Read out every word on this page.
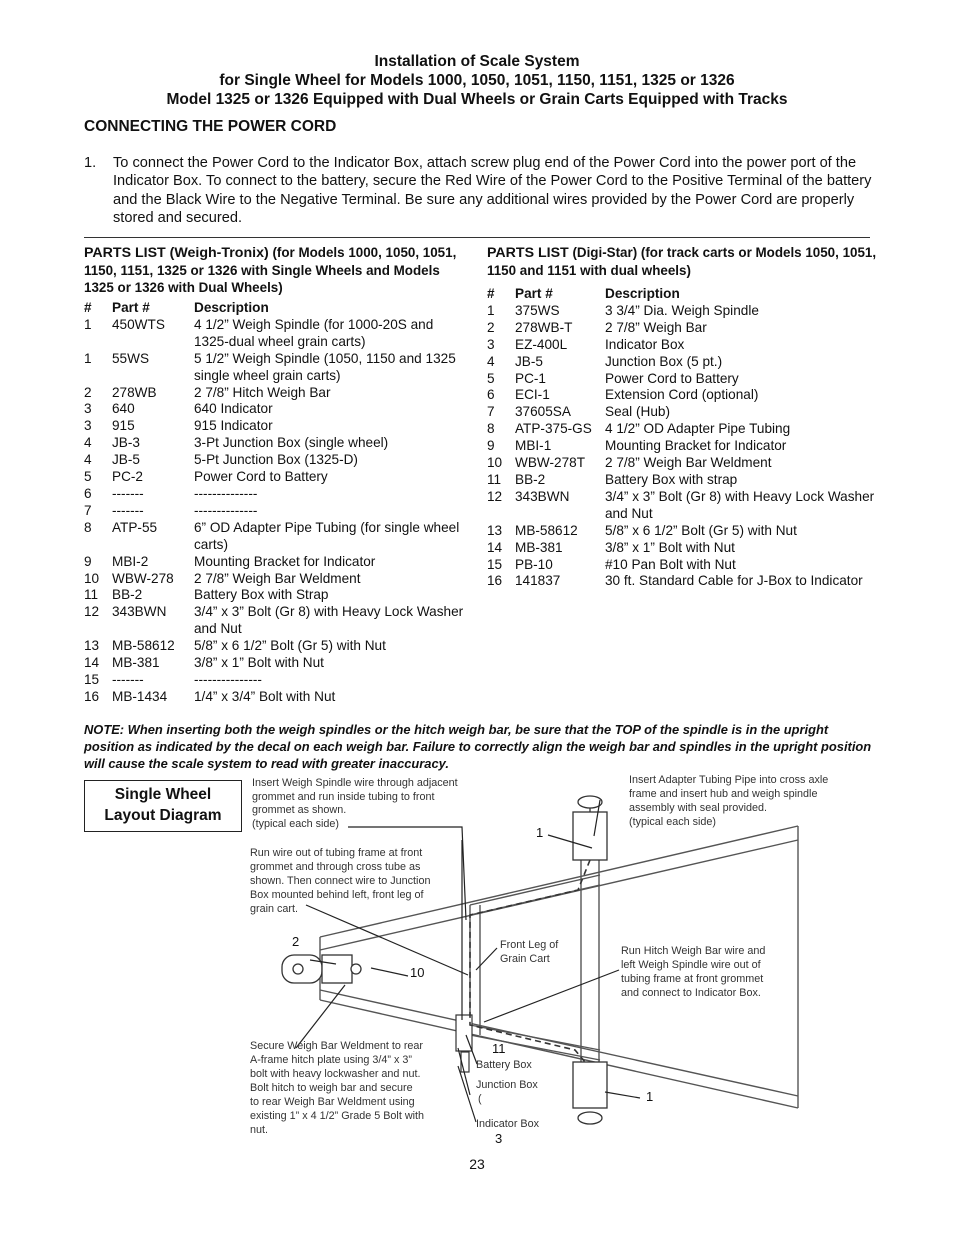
Installation of Scale System
for Single Wheel for Models 1000, 1050, 1051, 1150, 1151, 1325 or 1326
Model 1325 or 1326 Equipped with Dual Wheels or Grain Carts Equipped with Tracks
CONNECTING THE POWER CORD
1. To connect the Power Cord to the Indicator Box, attach screw plug end of the Power Cord into the power port of the Indicator Box. To connect to the battery, secure the Red Wire of the Power Cord to the Positive Terminal of the battery and the Black Wire to the Negative Terminal. Be sure any additional wires provided by the Power Cord are properly stored and secured.
PARTS LIST (Weigh-Tronix) (for Models 1000, 1050, 1051, 1150, 1151, 1325 or 1326 with Single Wheels and Models 1325 or 1326 with Dual Wheels)
#	Part #	Description
1	450WTS	4 1/2” Weigh Spindle (for 1000-20S and 1325-dual wheel grain carts)
1	55WS	5 1/2” Weigh Spindle (1050, 1150 and 1325 single wheel grain carts)
2	278WB	2 7/8” Hitch Weigh Bar
3	640	640 Indicator
3	915	915 Indicator
4	JB-3	3-Pt Junction Box (single wheel)
4	JB-5	5-Pt Junction Box (1325-D)
5	PC-2	Power Cord to Battery
6	-------	--------------
7	-------	--------------
8	ATP-55	6” OD Adapter Pipe Tubing (for single wheel carts)
9	MBI-2	Mounting Bracket for Indicator
10	WBW-278	2 7/8” Weigh Bar Weldment
11	BB-2	Battery Box with Strap
12	343BWN	3/4” x 3” Bolt (Gr 8) with Heavy Lock Washer and Nut
13	MB-58612	5/8” x 6 1/2” Bolt (Gr 5) with Nut
14	MB-381	3/8” x 1” Bolt with Nut
15	-------	---------------
16	MB-1434	1/4” x 3/4” Bolt with Nut
PARTS LIST (Digi-Star) (for track carts or Models 1050, 1051, 1150 and 1151 with dual wheels)
#	Part #	Description
1	375WS	3 3/4” Dia. Weigh Spindle
2	278WB-T	2 7/8” Weigh Bar
3	EZ-400L	Indicator Box
4	JB-5	Junction Box (5 pt.)
5	PC-1	Power Cord to Battery
6	ECI-1	Extension Cord (optional)
7	37605SA	Seal (Hub)
8	ATP-375-GS	4 1/2” OD Adapter Pipe Tubing
9	MBI-1	Mounting Bracket for Indicator
10	WBW-278T	2 7/8” Weigh Bar Weldment
11	BB-2	Battery Box with strap
12	343BWN	3/4” x 3” Bolt (Gr 8) with Heavy Lock Washer and Nut
13	MB-58612	5/8” x 6 1/2” Bolt (Gr 5) with Nut
14	MB-381	3/8” x 1” Bolt with Nut
15	PB-10	#10 Pan Bolt with Nut
16	141837	30 ft. Standard Cable for J-Box to Indicator
NOTE: When inserting both the weigh spindles or the hitch weigh bar, be sure that the TOP of the spindle is in the upright position as indicated by the decal on each weigh bar. Failure to correctly align the weigh bar and spindles in the upright position will cause the scale system to read with greater inaccuracy.
Single Wheel
Layout Diagram
Insert Weigh Spindle wire through adjacent
grommet and run inside tubing to front
grommet as shown.
(typical each side)
Insert Adapter Tubing Pipe into cross axle
frame and insert hub and weigh spindle
assembly with seal provided.
(typical each side)
Run wire out of tubing frame at front
grommet and through cross tube as
shown. Then connect wire to Junction
Box mounted behind left, front leg of
grain cart.
Front Leg of
Grain Cart
Run Hitch Weigh Bar wire and
left Weigh Spindle wire out of
tubing frame at front grommet
and connect to Indicator Box.
Secure Weigh Bar Weldment to rear
A-frame hitch plate using 3/4” x 3”
bolt with heavy lockwasher and nut.
Bolt hitch to weigh bar and secure
to rear Weigh Bar Weldment using
existing 1” x 4 1/2” Grade 5 Bolt with
nut.
Battery Box
Junction Box
(
Indicator Box
1
2
10
11
1
3
23
